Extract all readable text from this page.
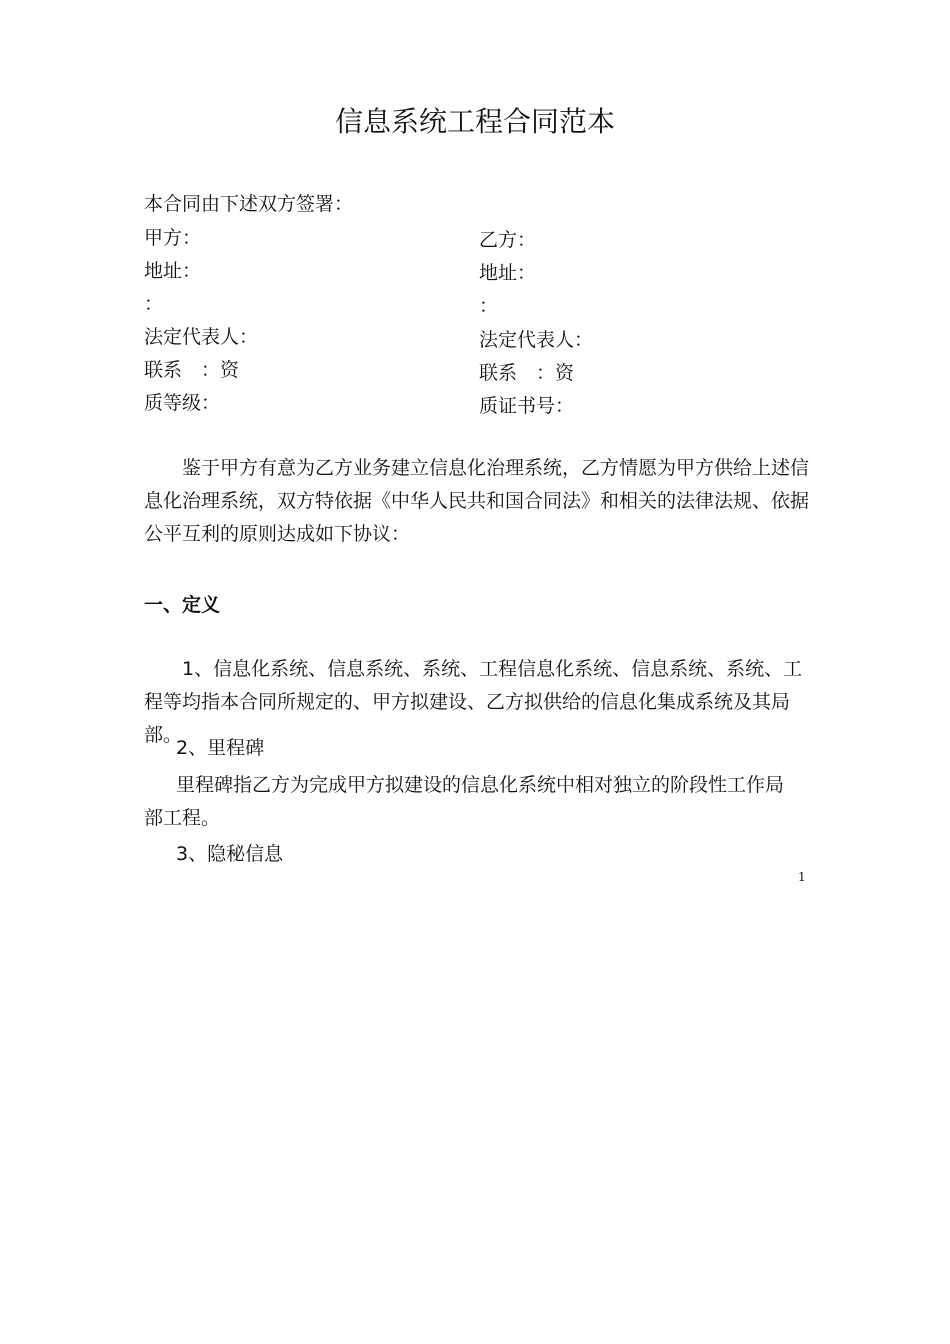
信息系统工程合同范本
本合同由下述双方签署：
甲方：
地址：
：
法定代表人：
联系　：资
质等级：
乙方：
地址：
：
法定代表人：
联系　：资
质证书号：
鉴于甲方有意为乙方业务建立信息化治理系统，乙方情愿为甲方供给上述信息化治理系统，双方特依据《中华人民共和国合同法》和相关的法律法规、依据公平互利的原则达成如下协议：
一、定义
1、信息化系统、信息系统、系统、工程信息化系统、信息系统、系统、工程等均指本合同所规定的、甲方拟建设、乙方拟供给的信息化集成系统及其局部。
2、里程碑
里程碑指乙方为完成甲方拟建设的信息化系统中相对独立的阶段性工作局部工程。
3、隐秘信息
1
